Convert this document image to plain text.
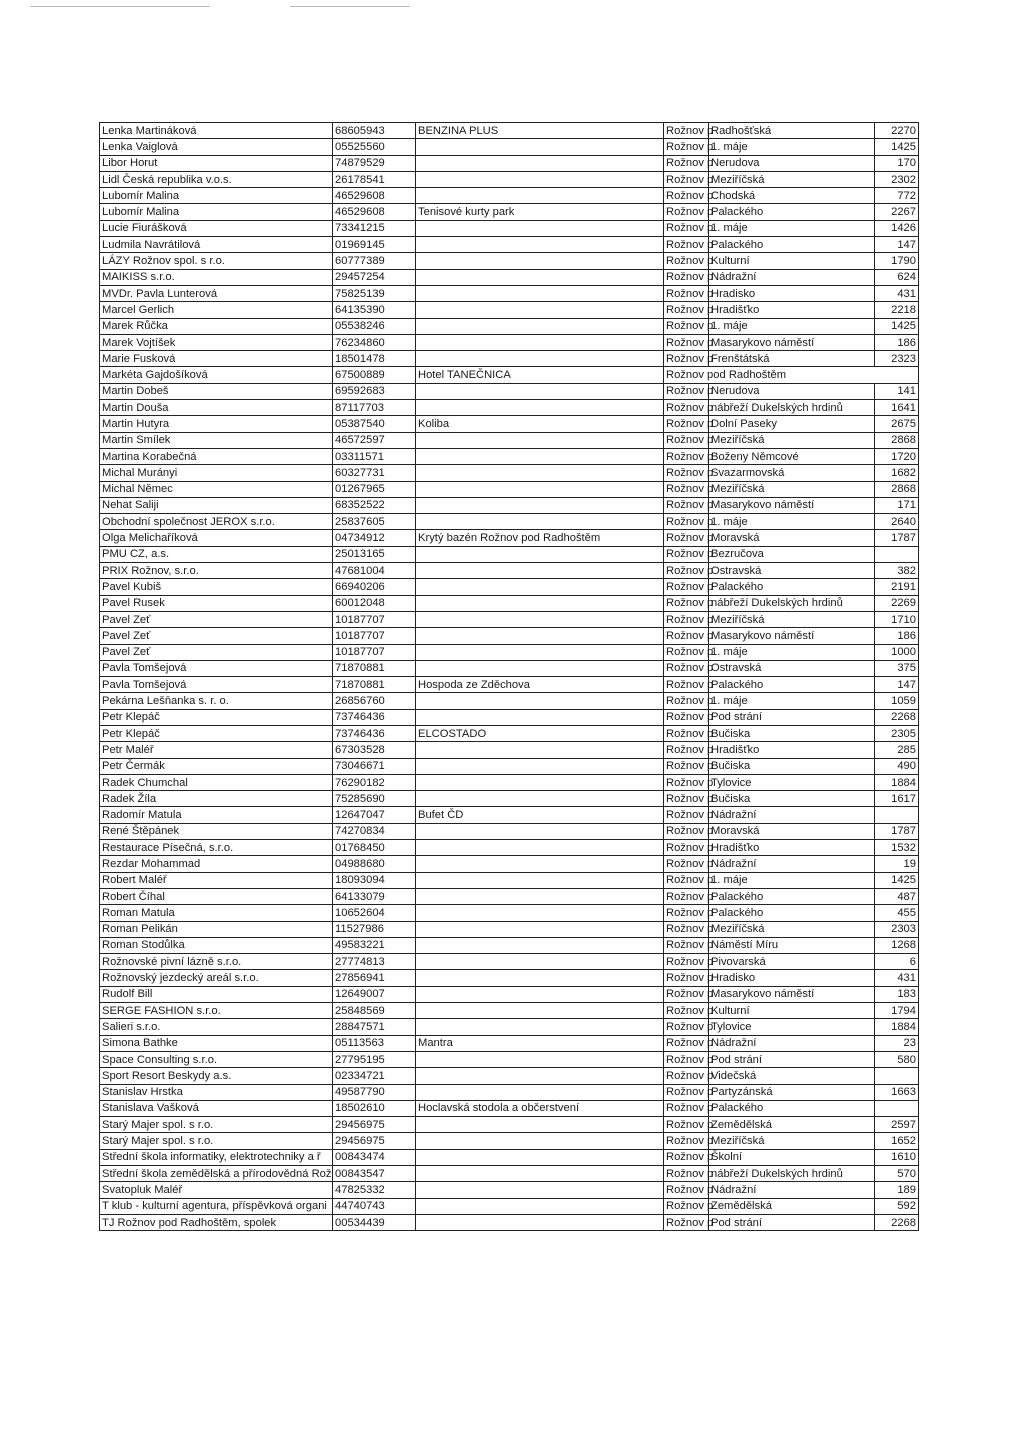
Lenka Martináková	68605943	BENZINA PLUS	Rožnov p	Radhošťská	2270
Lenka Vaiglová	05525560		Rožnov p	1. máje	1425
Libor Horut	74879529		Rožnov p	Nerudova	170
Lidl Česká republika v.o.s.	26178541		Rožnov p	Meziříčská	2302
Lubomír Malina	46529608		Rožnov p	Chodská	772
Lubomír Malina	46529608	Tenisové kurty park	Rožnov p	Palackého	2267
Lucie Fiurášková	73341215		Rožnov p	1. máje	1426
Ludmila Navrátilová	01969145		Rožnov p	Palackého	147
LÁZY Rožnov spol. s r.o.	60777389		Rožnov p	Kulturní	1790
MAIKISS s.r.o.	29457254		Rožnov p	Nádražní	624
MVDr. Pavla Lunterová	75825139		Rožnov p	Hradisko	431
Marcel Gerlich	64135390		Rožnov p	Hradišťko	2218
Marek Růčka	05538246		Rožnov p	1. máje	1425
Marek Vojtíšek	76234860		Rožnov p	Masarykovo náměstí	186
Marie Fusková	18501478		Rožnov p	Frenštátská	2323
Markéta Gajdošíková	67500889	Hotel TANEČNICA	Rožnov pod Radhoštěm		
Martin Dobeš	69592683		Rožnov p	Nerudova	141
Martin Douša	87117703		Rožnov p	nábřeží Dukelských hrdinů	1641
Martin Hutyra	05387540	Koliba	Rožnov p	Dolní Paseky	2675
Martin Smílek	46572597		Rožnov p	Meziříčská	2868
Martina Korabečná	03311571		Rožnov p	Boženy Němcové	1720
Michal Murányi	60327731		Rožnov p	Svazarmovská	1682
Michal Němec	01267965		Rožnov p	Meziříčská	2868
Nehat Saliji	68352522		Rožnov p	Masarykovo náměstí	171
Obchodní společnost JEROX s.r.o.	25837605		Rožnov p	1. máje	2640
Olga Melichaříková	04734912	Krytý bazén Rožnov pod Radhoštěm	Rožnov p	Moravská	1787
PMU CZ, a.s.	25013165		Rožnov p	Bezručova	
PRIX Rožnov, s.r.o.	47681004		Rožnov p	Ostravská	382
Pavel Kubiš	66940206		Rožnov p	Palackého	2191
Pavel Rusek	60012048		Rožnov p	nábřeží Dukelských hrdinů	2269
Pavel Zeť	10187707		Rožnov p	Meziříčská	1710
Pavel Zeť	10187707		Rožnov p	Masarykovo náměstí	186
Pavel Zeť	10187707		Rožnov p	1. máje	1000
Pavla Tomšejová	71870881		Rožnov p	Ostravská	375
Pavla Tomšejová	71870881	Hospoda ze Zděchova	Rožnov p	Palackého	147
Pekárna Lešňanka s. r. o.	26856760		Rožnov p	1. máje	1059
Petr Klepáč	73746436		Rožnov p	Pod strání	2268
Petr Klepáč	73746436	ELCOSTADO	Rožnov p	Bučiska	2305
Petr Maléř	67303528		Rožnov p	Hradišťko	285
Petr Čermák	73046671		Rožnov p	Bučiska	490
Radek Chumchal	76290182		Rožnov p	Tylovice	1884
Radek Žíla	75285690		Rožnov p	Bučiska	1617
Radomír Matula	12647047	Bufet ČD	Rožnov p	Nádražní	
René Štěpánek	74270834		Rožnov p	Moravská	1787
Restaurace Písečná, s.r.o.	01768450		Rožnov p	Hradišťko	1532
Rezdar Mohammad	04988680		Rožnov p	Nádražní	19
Robert Maléř	18093094		Rožnov p	1. máje	1425
Robert Číhal	64133079		Rožnov p	Palackého	487
Roman Matula	10652604		Rožnov p	Palackého	455
Roman Pelikán	11527986		Rožnov p	Meziříčská	2303
Roman Stodůlka	49583221		Rožnov p	Náměstí Míru	1268
Rožnovské pivní lázně s.r.o.	27774813		Rožnov p	Pivovarská	6
Rožnovský jezdecký areál s.r.o.	27856941		Rožnov p	Hradisko	431
Rudolf Bill	12649007		Rožnov p	Masarykovo náměstí	183
SERGE FASHION s.r.o.	25848569		Rožnov p	Kulturní	1794
Salieri s.r.o.	28847571		Rožnov p	Tylovice	1884
Simona Bathke	05113563	Mantra	Rožnov p	Nádražní	23
Space Consulting s.r.o.	27795195		Rožnov p	Pod strání	580
Sport Resort Beskydy a.s.	02334721		Rožnov p	Videčská	
Stanislav Hrstka	49587790		Rožnov p	Partyzánská	1663
Stanislava Vašková	18502610	Hoclavská stodola a občerstvení	Rožnov p	Palackého	
Starý Majer spol. s r.o.	29456975		Rožnov p	Zemědělská	2597
Starý Majer spol. s r.o.	29456975		Rožnov p	Meziříčská	1652
Střední škola informatiky, elektrotechniky a ř	00843474		Rožnov p	Školní	1610
Střední škola zemědělská a přírodovědná Rož	00843547		Rožnov p	nábřeží Dukelských hrdinů	570
Svatopluk Maléř	47825332		Rožnov p	Nádražní	189
T klub - kulturní agentura, příspěvková organi	44740743		Rožnov p	Zemědělská	592
TJ Rožnov pod Radhoštěm, spolek	00534439		Rožnov p	Pod strání	2268
